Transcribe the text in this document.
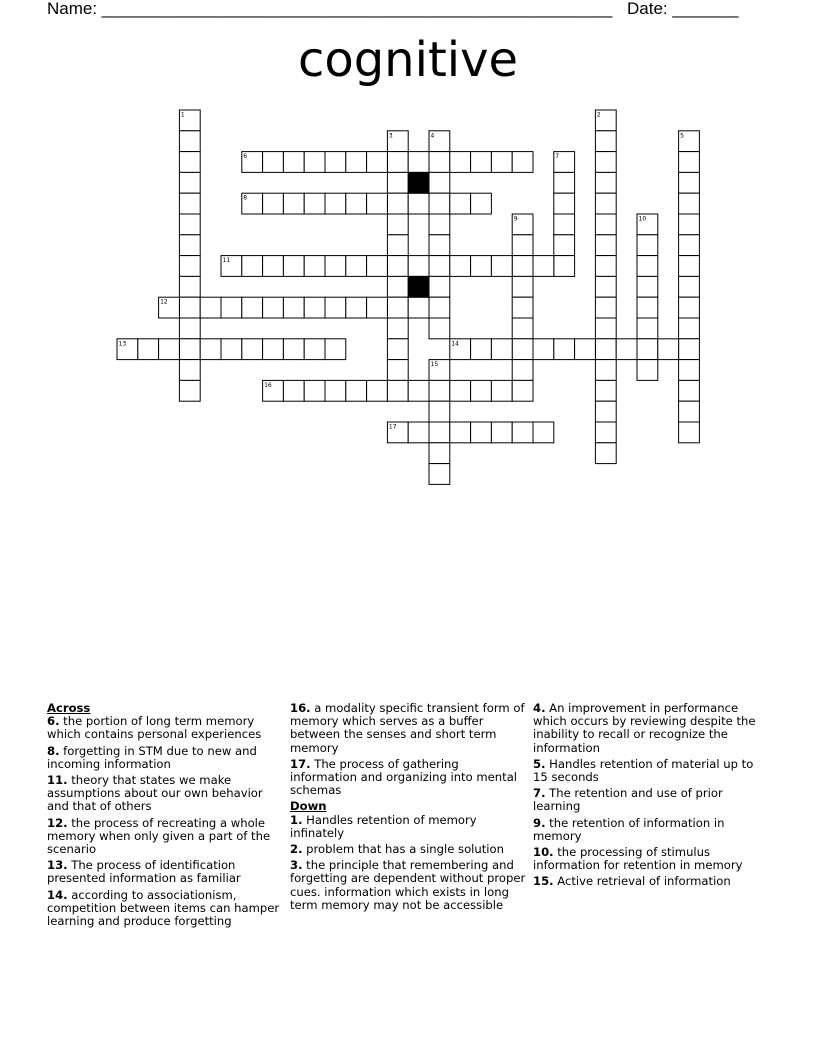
Name: ______________________________________________________ Date: _______
cognitive
1	2
3	4	5
6	7
8
9	10
11
12
13	14
15
16
17
Across
6. the portion of long term memory which contains personal experiences
8. forgetting in STM due to new and incoming information
11. theory that states we make assumptions about our own behavior and that of others
12. the process of recreating a whole memory when only given a part of the scenario
13. The process of identification presented information as familiar
14. according to associationism, competition between items can hamper learning and produce forgetting
16. a modality specific transient form of memory which serves as a buffer between the senses and short term memory
17. The process of gathering information and organizing into mental schemas
Down
1. Handles retention of memory infinately
2. problem that has a single solution
3. the principle that remembering and forgetting are dependent without proper cues. information which exists in long term memory may not be accessible
4. An improvement in performance which occurs by reviewing despite the inability to recall or recognize the information
5. Handles retention of material up to 15 seconds
7. The retention and use of prior learning
9. the retention of information in memory
10. the processing of stimulus information for retention in memory
15. Active retrieval of information
